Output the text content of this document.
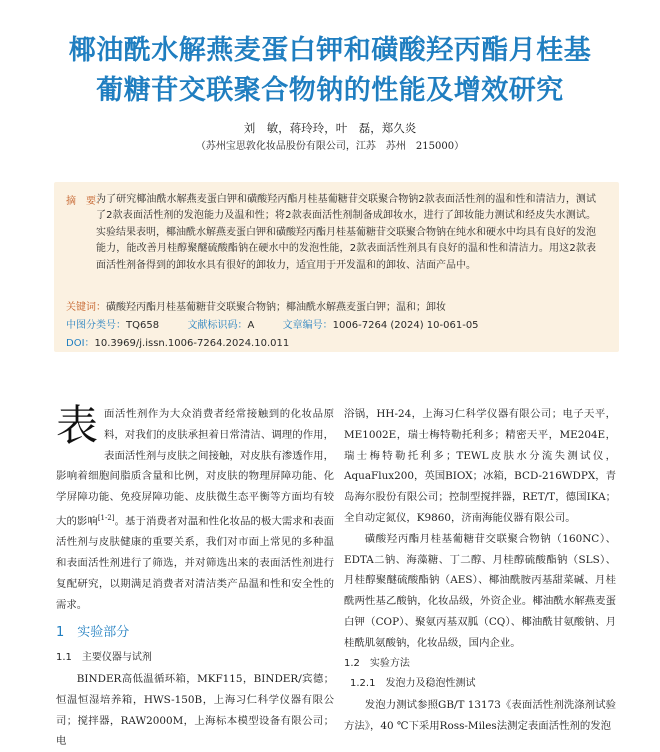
椰油酰水解燕麦蛋白钾和磺酸羟丙酯月桂基
葡糖苷交联聚合物钠的性能及增效研究
刘　敏，蒋玲玲，叶　磊，郑久炎
（苏州宝思敦化妆品股份有限公司，江苏　苏州　215000）
摘　要：
为了研究椰油酰水解燕麦蛋白钾和磺酸羟丙酯月桂基葡糖苷交联聚合物钠2款表面活性剂的温和性和清洁力，测试了2款表面活性剂的发泡能力及温和性；将2款表面活性剂制备成卸妆水，进行了卸妆能力测试和经皮失水测试。实验结果表明，椰油酰水解燕麦蛋白钾和磺酸羟丙酯月桂基葡糖苷交联聚合物钠在纯水和硬水中均具有良好的发泡能力，能改善月桂醇聚醚硫酸酯钠在硬水中的发泡性能，2款表面活性剂具有良好的温和性和清洁力。用这2款表面活性剂备得到的卸妆水具有很好的卸妆力，适宜用于开发温和的卸妆、洁面产品中。
关键词：磺酸羟丙酯月桂基葡糖苷交联聚合物钠；椰油酰水解燕麦蛋白钾；温和；卸妆
中图分类号：TQ658	文献标识码：A	文章编号：1006-7264 (2024) 10-061-05
DOI：10.3969/j.issn.1006-7264.2024.10.011

表面活性剂作为大众消费者经常接触到的化妆品原料，对我们的皮肤承担着日常清洁、调理的作用，表面活性剂与皮肤之间接触，对皮肤有渗透作用，影响着细胞间脂质含量和比例，对皮肤的物理屏障功能、化学屏障功能、免疫屏障功能、皮肤微生态平衡等方面均有较大的影响[1-2]。基于消费者对温和性化妆品的极大需求和表面活性剂与皮肤健康的重要关系，我们对市面上常见的多种温和表面活性剂进行了筛选，并对筛选出来的表面活性剂进行复配研究，以期满足消费者对清洁类产品温和性和安全性的需求。

1　实验部分
1.1　主要仪器与试剂

BINDER高低温循环箱，MKF115，BINDER/宾德；恒温恒湿培养箱，HWS-150B，上海习仁科学仪器有限公司；搅拌器，RAW2000M，上海标本模型设备有限公司；电

浴锅，HH-24，上海习仁科学仪器有限公司；电子天平，ME1002E，瑞士梅特勒托利多；精密天平，ME204E，瑞士梅特勒托利多；TEWL皮肤水分流失测试仪，AquaFlux200，英国BIOX；冰箱，BCD-216WDPX，青岛海尔股份有限公司；控制型搅拌器，RET/T，德国IKA；全自动定氮仪，K9860，济南海能仪器有限公司。

磺酸羟丙酯月桂基葡糖苷交联聚合物钠（160NC）、EDTA二钠、海藻糖、丁二醇、月桂醇硫酸酯钠（SLS）、月桂醇聚醚硫酸酯钠（AES）、椰油酰胺丙基甜菜碱、月桂酰两性基乙酸钠，化妆品级，外资企业。椰油酰水解燕麦蛋白钾（COP）、聚氨丙基双胍（CQ）、椰油酰甘氨酸钠、月桂酰肌氨酸钠，化妆品级，国内企业。

1.2　实验方法
1.2.1　发泡力及稳泡性测试

发泡力测试参照GB/T 13173《表面活性剂洗涤剂试验方法》，40 ℃下采用Ross-Miles法测定表面活性剂的发泡
